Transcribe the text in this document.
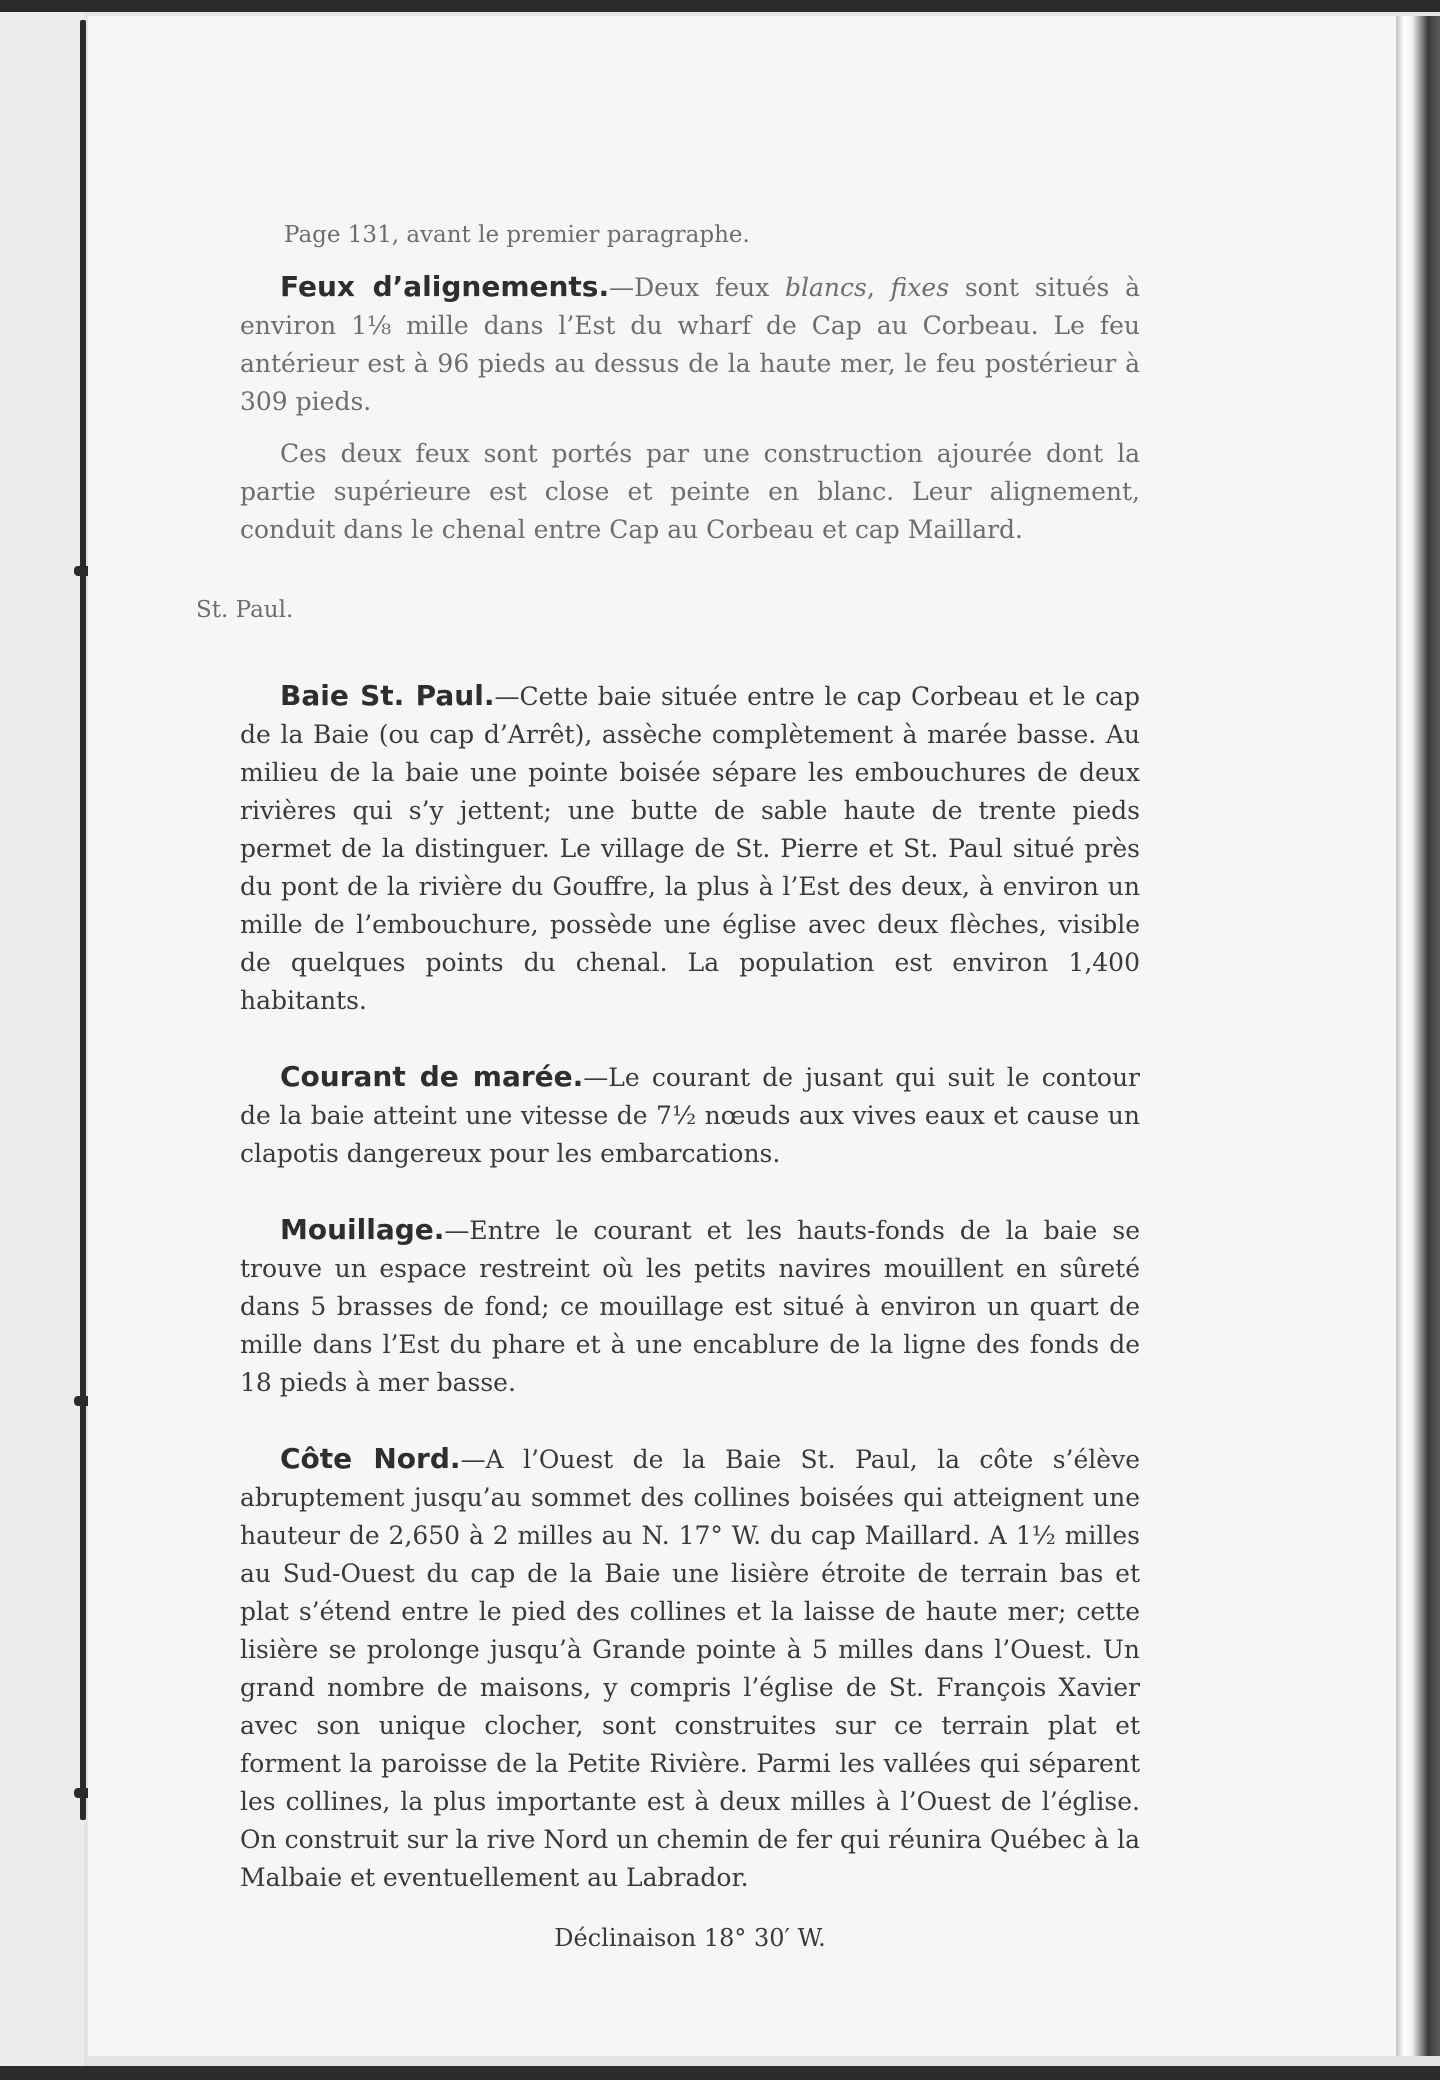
Page 131, avant le premier paragraphe.

Feux d’alignements.—Deux feux blancs, fixes sont situés à environ 1⅛ mille dans l’Est du wharf de Cap au Corbeau. Le feu antérieur est à 96 pieds au dessus de la haute mer, le feu postérieur à 309 pieds.

Ces deux feux sont portés par une construction ajourée dont la partie supérieure est close et peinte en blanc. Leur alignement, conduit dans le chenal entre Cap au Corbeau et cap Maillard.

St. Paul.

Baie St. Paul.—Cette baie située entre le cap Corbeau et le cap de la Baie (ou cap d’Arrêt), assèche complètement à marée basse. Au milieu de la baie une pointe boisée sépare les embouchures de deux rivières qui s’y jettent; une butte de sable haute de trente pieds permet de la distinguer. Le village de St. Pierre et St. Paul situé près du pont de la rivière du Gouffre, la plus à l’Est des deux, à environ un mille de l’embouchure, possède une église avec deux flèches, visible de quelques points du chenal. La population est environ 1,400 habitants.

Courant de marée.—Le courant de jusant qui suit le contour de la baie atteint une vitesse de 7½ nœuds aux vives eaux et cause un clapotis dangereux pour les embarcations.

Mouillage.—Entre le courant et les hauts-fonds de la baie se trouve un espace restreint où les petits navires mouillent en sûreté dans 5 brasses de fond; ce mouillage est situé à environ un quart de mille dans l’Est du phare et à une encablure de la ligne des fonds de 18 pieds à mer basse.

Côte Nord.—A l’Ouest de la Baie St. Paul, la côte s’élève abruptement jusqu’au sommet des collines boisées qui atteignent une hauteur de 2,650 à 2 milles au N. 17° W. du cap Maillard. A 1½ milles au Sud-Ouest du cap de la Baie une lisière étroite de terrain bas et plat s’étend entre le pied des collines et la laisse de haute mer; cette lisière se prolonge jusqu’à Grande pointe à 5 milles dans l’Ouest. Un grand nombre de maisons, y compris l’église de St. François Xavier avec son unique clocher, sont construites sur ce terrain plat et forment la paroisse de la Petite Rivière. Parmi les vallées qui séparent les collines, la plus importante est à deux milles à l’Ouest de l’église. On construit sur la rive Nord un chemin de fer qui réunira Québec à la Malbaie et eventuellement au Labrador.

Déclinaison 18° 30′ W.
